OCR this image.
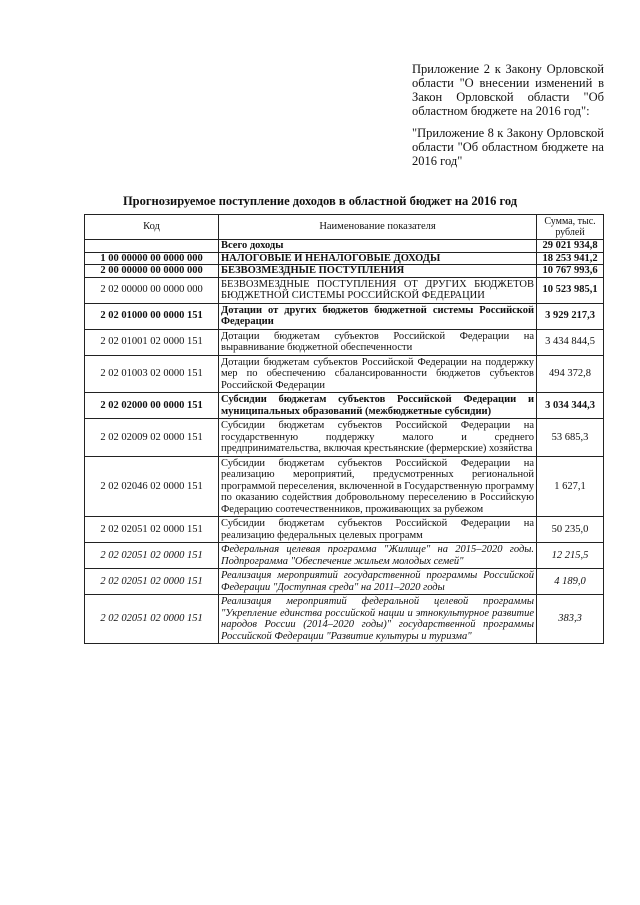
Приложение 2 к Закону Орловской области "О внесении изменений в Закон Орловской области "Об областном бюджете на 2016 год":

"Приложение 8 к Закону Орловской области "Об областном бюджете на 2016 год"

Прогнозируемое поступление доходов в областной бюджет на 2016 год
Код	Наименование показателя	Сумма, тыс. рублей
	Всего доходы	29 021 934,8
1 00 00000 00 0000 000	НАЛОГОВЫЕ И НЕНАЛОГОВЫЕ ДОХОДЫ	18 253 941,2
2 00 00000 00 0000 000	БЕЗВОЗМЕЗДНЫЕ ПОСТУПЛЕНИЯ	10 767 993,6
2 02 00000 00 0000 000	БЕЗВОЗМЕЗДНЫЕ ПОСТУПЛЕНИЯ ОТ ДРУГИХ БЮДЖЕТОВ БЮДЖЕТНОЙ СИСТЕМЫ РОССИЙСКОЙ ФЕДЕРАЦИИ	10 523 985,1
2 02 01000 00 0000 151	Дотации от других бюджетов бюджетной системы Российской Федерации	3 929 217,3
2 02 01001 02 0000 151	Дотации бюджетам субъектов Российской Федерации на выравнивание бюджетной обеспеченности	3 434 844,5
2 02 01003 02 0000 151	Дотации бюджетам субъектов Российской Федерации на поддержку мер по обеспечению сбалансированности бюджетов субъектов Российской Федерации	494 372,8
2 02 02000 00 0000 151	Субсидии бюджетам субъектов Российской Федерации и муниципальных образований (межбюджетные субсидии)	3 034 344,3
2 02 02009 02 0000 151	Субсидии бюджетам субъектов Российской Федерации на государственную поддержку малого и среднего предпринимательства, включая крестьянские (фермерские) хозяйства	53 685,3
2 02 02046 02 0000 151	Субсидии бюджетам субъектов Российской Федерации на реализацию мероприятий, предусмотренных региональной программой переселения, включенной в Государственную программу по оказанию содействия добровольному переселению в Российскую Федерацию соотечественников, проживающих за рубежом	1 627,1
2 02 02051 02 0000 151	Субсидии бюджетам субъектов Российской Федерации на реализацию федеральных целевых программ	50 235,0
2 02 02051 02 0000 151	Федеральная целевая программа "Жилище" на 2015–2020 годы. Подпрограмма "Обеспечение жильем молодых семей"	12 215,5
2 02 02051 02 0000 151	Реализация мероприятий государственной программы Российской Федерации "Доступная среда" на 2011–2020 годы	4 189,0
2 02 02051 02 0000 151	Реализация мероприятий федеральной целевой программы "Укрепление единства российской нации и этнокультурное развитие народов России (2014–2020 годы)" государственной программы Российской Федерации "Развитие культуры и туризма"	383,3
